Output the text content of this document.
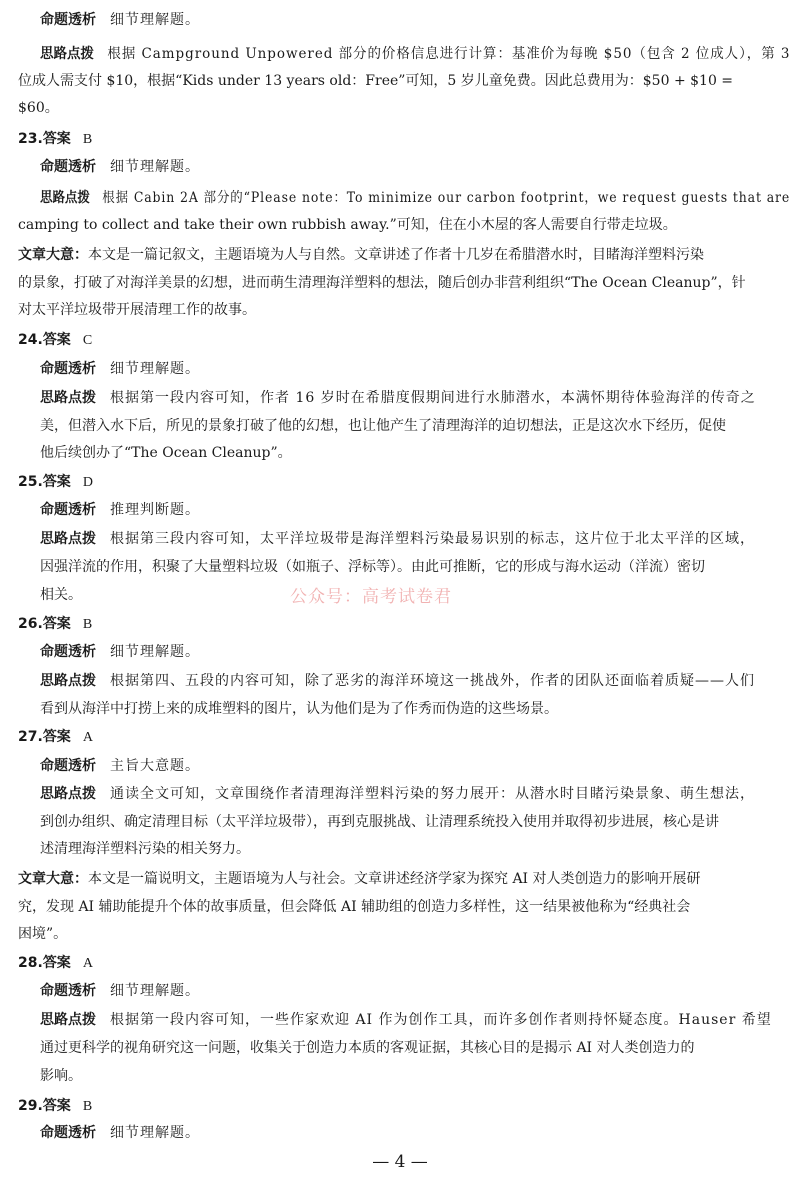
命题透析 细节理解题。
思路点拨 根据 Campground Unpowered 部分的价格信息进行计算：基准价为每晚 $50（包含 2 位成人），第 3
位成人需支付 $10，根据“Kids under 13 years old：Free”可知，5 岁儿童免费。因此总费用为：$50 + $10 =
$60。
23.答案 B
命题透析 细节理解题。
思路点拨 根据 Cabin 2A 部分的“Please note：To minimize our carbon footprint，we request guests that are
camping to collect and take their own rubbish away.”可知，住在小木屋的客人需要自行带走垃圾。
文章大意：本文是一篇记叙文，主题语境为人与自然。文章讲述了作者十几岁在希腊潜水时，目睹海洋塑料污染
的景象，打破了对海洋美景的幻想，进而萌生清理海洋塑料的想法，随后创办非营利组织“The Ocean Cleanup”，针
对太平洋垃圾带开展清理工作的故事。
24.答案 C
命题透析 细节理解题。
思路点拨 根据第一段内容可知，作者 16 岁时在希腊度假期间进行水肺潜水，本满怀期待体验海洋的传奇之
美，但潜入水下后，所见的景象打破了他的幻想，也让他产生了清理海洋的迫切想法，正是这次水下经历，促使
他后续创办了“The Ocean Cleanup”。
25.答案 D
命题透析 推理判断题。
思路点拨 根据第三段内容可知，太平洋垃圾带是海洋塑料污染最易识别的标志，这片位于北太平洋的区域，
因强洋流的作用，积聚了大量塑料垃圾（如瓶子、浮标等）。由此可推断，它的形成与海水运动（洋流）密切
相关。	公众号：高考试卷君
26.答案 B
命题透析 细节理解题。
思路点拨 根据第四、五段的内容可知，除了恶劣的海洋环境这一挑战外，作者的团队还面临着质疑——人们
看到从海洋中打捞上来的成堆塑料的图片，认为他们是为了作秀而伪造的这些场景。
27.答案 A
命题透析 主旨大意题。
思路点拨 通读全文可知，文章围绕作者清理海洋塑料污染的努力展开：从潜水时目睹污染景象、萌生想法，
到创办组织、确定清理目标（太平洋垃圾带），再到克服挑战、让清理系统投入使用并取得初步进展，核心是讲
述清理海洋塑料污染的相关努力。
文章大意：本文是一篇说明文，主题语境为人与社会。文章讲述经济学家为探究 AI 对人类创造力的影响开展研
究，发现 AI 辅助能提升个体的故事质量，但会降低 AI 辅助组的创造力多样性，这一结果被他称为“经典社会
困境”。
28.答案 A
命题透析 细节理解题。
思路点拨 根据第一段内容可知，一些作家欢迎 AI 作为创作工具，而许多创作者则持怀疑态度。Hauser 希望
通过更科学的视角研究这一问题，收集关于创造力本质的客观证据，其核心目的是揭示 AI 对人类创造力的
影响。
29.答案 B
命题透析 细节理解题。
— 4 —
